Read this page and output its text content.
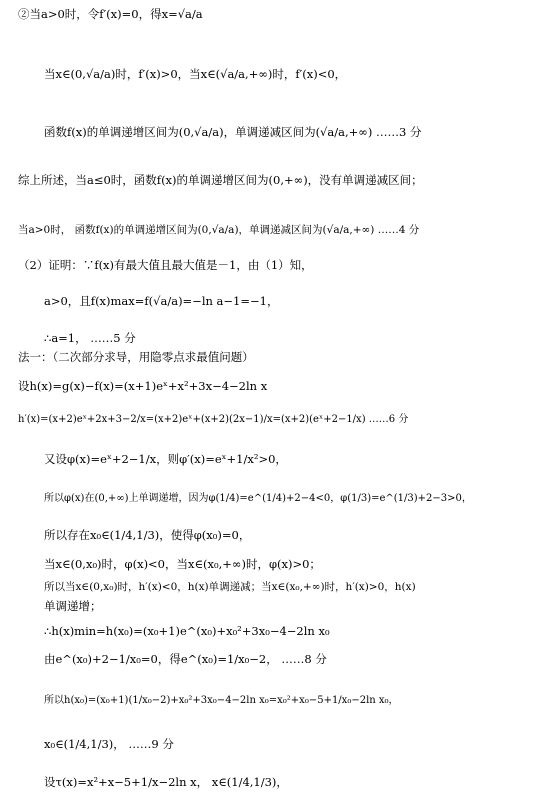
②当a>0时，令f′(x)=0，得x=√a/a
当x∈(0,√a/a)时，f′(x)>0，当x∈(√a/a,+∞)时，f′(x)<0，
函数f(x)的单调递增区间为(0,√a/a)，单调递减区间为(√a/a,+∞) ……3 分
综上所述，当a≤0时，函数f(x)的单调递增区间为(0,+∞)，没有单调递减区间；
当a>0时， 函数f(x)的单调递增区间为(0,√a/a)，单调递减区间为(√a/a,+∞) ……4 分
（2）证明：∵f(x)有最大值且最大值是－1，由（1）知，
a>0，且f(x)max=f(√a/a)=−ln a−1=−1，
∴a=1， ……5 分
法一：（二次部分求导，用隐零点求最值问题）
设h(x)=g(x)−f(x)=(x+1)eˣ+x²+3x−4−2ln x
h′(x)=(x+2)eˣ+2x+3−2/x=(x+2)eˣ+(x+2)(2x−1)/x=(x+2)(eˣ+2−1/x) ……6 分
又设φ(x)=eˣ+2−1/x，则φ′(x)=eˣ+1/x²>0，
所以φ(x)在(0,+∞)上单调递增，因为φ(1/4)=e^(1/4)+2−4<0，φ(1/3)=e^(1/3)+2−3>0，
所以存在x₀∈(1/4,1/3)，使得φ(x₀)=0，
当x∈(0,x₀)时，φ(x)<0，当x∈(x₀,+∞)时，φ(x)>0；
所以当x∈(0,x₀)时，h′(x)<0，h(x)单调递减；当x∈(x₀,+∞)时，h′(x)>0，h(x)
单调递增；
∴h(x)min=h(x₀)=(x₀+1)e^(x₀)+x₀²+3x₀−4−2ln x₀
由e^(x₀)+2−1/x₀=0，得e^(x₀)=1/x₀−2， ……8 分
所以h(x₀)=(x₀+1)(1/x₀−2)+x₀²+3x₀−4−2ln x₀=x₀²+x₀−5+1/x₀−2ln x₀，
x₀∈(1/4,1/3)， ……9 分
设τ(x)=x²+x−5+1/x−2ln x， x∈(1/4,1/3)，
